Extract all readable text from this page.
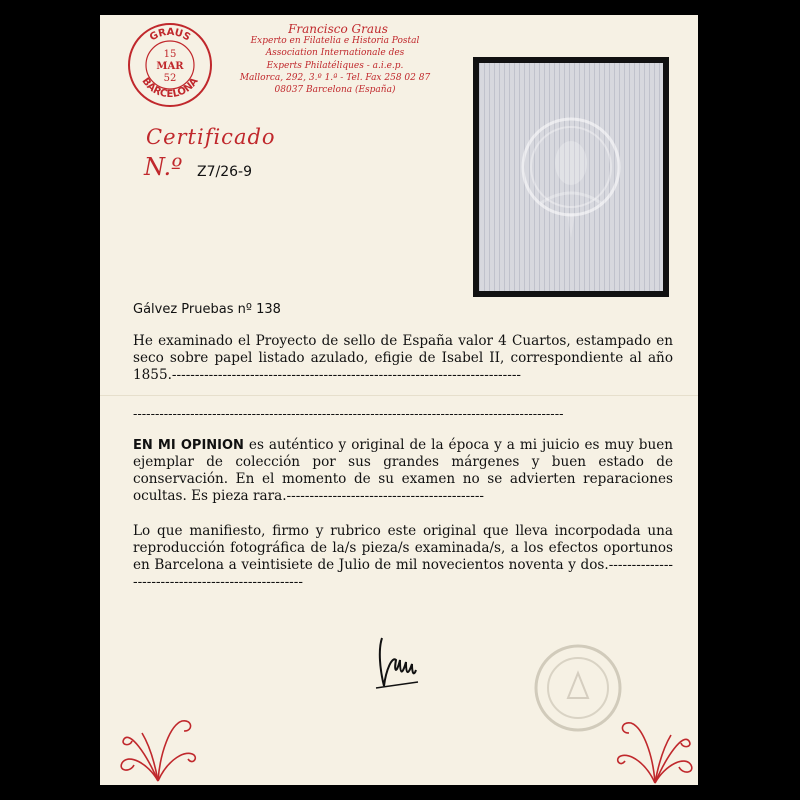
GRAUS
BARCELONA
15
MAR
52
Francisco Graus
Experto en Filatelia e Historia Postal
Association Internationale des
Experts Philatéliques - a.i.e.p.
Mallorca, 292, 3.º 1.ª - Tel. Fax 258 02 87
08037 Barcelona (España)
Certificado
N.º Z7/26-9
Gálvez Pruebas nº 138

He examinado el Proyecto de sello de España valor 4 Cuartos, estampado en seco sobre papel listado azulado, efigie de Isabel II, correspondiente al año 1855.----------------------------------------------------------------------------

--------------------------------------------------------------------------------------------------

EN MI OPINION es auténtico y original de la época y a mi juicio es muy buen ejemplar de colección por sus grandes márgenes y buen estado de conservación. En el momento de su examen no se advierten reparaciones ocultas. Es pieza rara.-------------------------------------------

Lo que manifiesto, firmo y rubrico este original que lleva incorpodada una reproducción fotográfica de la/s pieza/s examinada/s, a los efectos oportunos en Barcelona a veintisiete de Julio de mil novecientos noventa y dos.---------------------------------------------------
